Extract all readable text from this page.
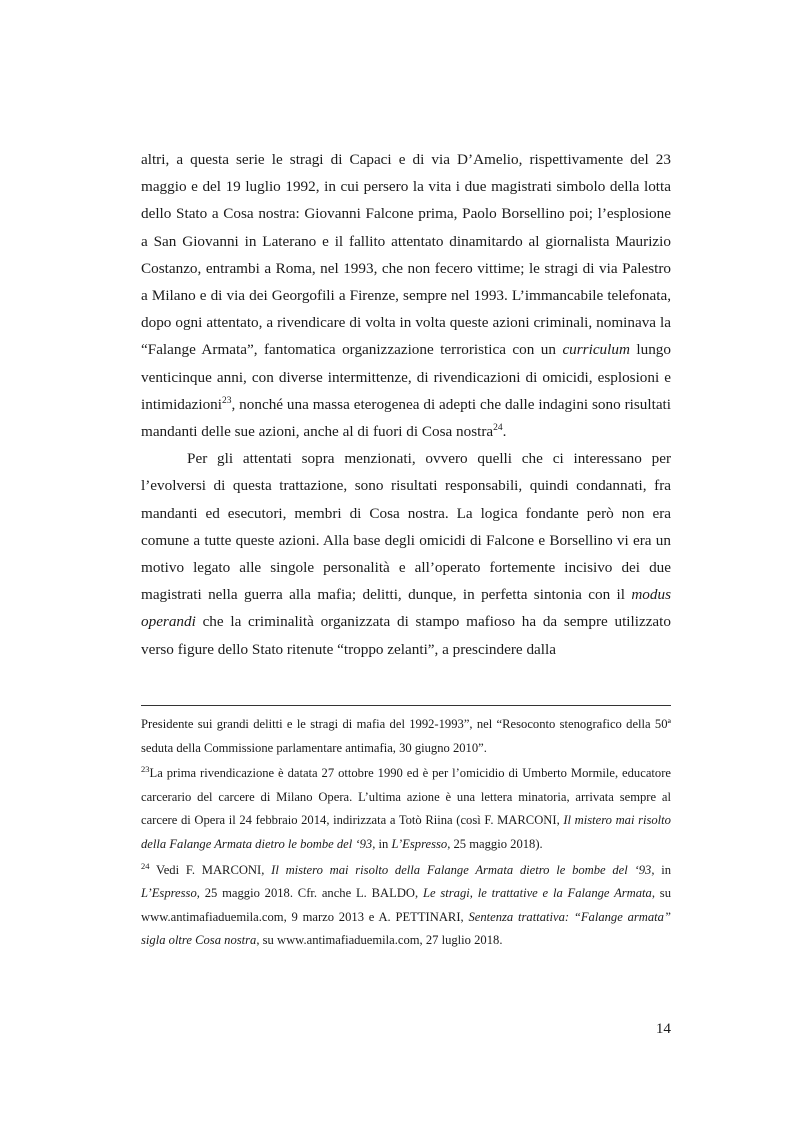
altri, a questa serie le stragi di Capaci e di via D’Amelio, rispettivamente del 23 maggio e del 19 luglio 1992, in cui persero la vita i due magistrati simbolo della lotta dello Stato a Cosa nostra: Giovanni Falcone prima, Paolo Borsellino poi; l’esplosione a San Giovanni in Laterano e il fallito attentato dinamitardo al giornalista Maurizio Costanzo, entrambi a Roma, nel 1993, che non fecero vittime; le stragi di via Palestro a Milano e di via dei Georgofili a Firenze, sempre nel 1993. L’immancabile telefonata, dopo ogni attentato, a rivendicare di volta in volta queste azioni criminali, nominava la “Falange Armata”, fantomatica organizzazione terroristica con un curriculum lungo venticinque anni, con diverse intermittenze, di rivendicazioni di omicidi, esplosioni e intimidazioni$^{23}$, nonché una massa eterogenea di adepti che dalle indagini sono risultati mandanti delle sue azioni, anche al di fuori di Cosa nostra$^{24}$.

Per gli attentati sopra menzionati, ovvero quelli che ci interessano per l’evolversi di questa trattazione, sono risultati responsabili, quindi condannati, fra mandanti ed esecutori, membri di Cosa nostra. La logica fondante però non era comune a tutte queste azioni. Alla base degli omicidi di Falcone e Borsellino vi era un motivo legato alle singole personalità e all’operato fortemente incisivo dei due magistrati nella guerra alla mafia; delitti, dunque, in perfetta sintonia con il modus operandi che la criminalità organizzata di stampo mafioso ha da sempre utilizzato verso figure dello Stato ritenute “troppo zelanti”, a prescindere dalla

Presidente sui grandi delitti e le stragi di mafia del 1992-1993”, nel “Resoconto stenografico della 50ª seduta della Commissione parlamentare antimafia, 30 giugno 2010”.

$^{23}$La prima rivendicazione è datata 27 ottobre 1990 ed è per l’omicidio di Umberto Mormile, educatore carcerario del carcere di Milano Opera. L’ultima azione è una lettera minatoria, arrivata sempre al carcere di Opera il 24 febbraio 2014, indirizzata a Totò Riina (così F. MARCONI, Il mistero mai risolto della Falange Armata dietro le bombe del ‘93, in L’Espresso, 25 maggio 2018).

$^{24}$ Vedi F. MARCONI, Il mistero mai risolto della Falange Armata dietro le bombe del ‘93, in L’Espresso, 25 maggio 2018. Cfr. anche L. BALDO, Le stragi, le trattative e la Falange Armata, su www.antimafiaduemila.com, 9 marzo 2013 e A. PETTINARI, Sentenza trattativa: “Falange armata” sigla oltre Cosa nostra, su www.antimafiaduemila.com, 27 luglio 2018.

14
